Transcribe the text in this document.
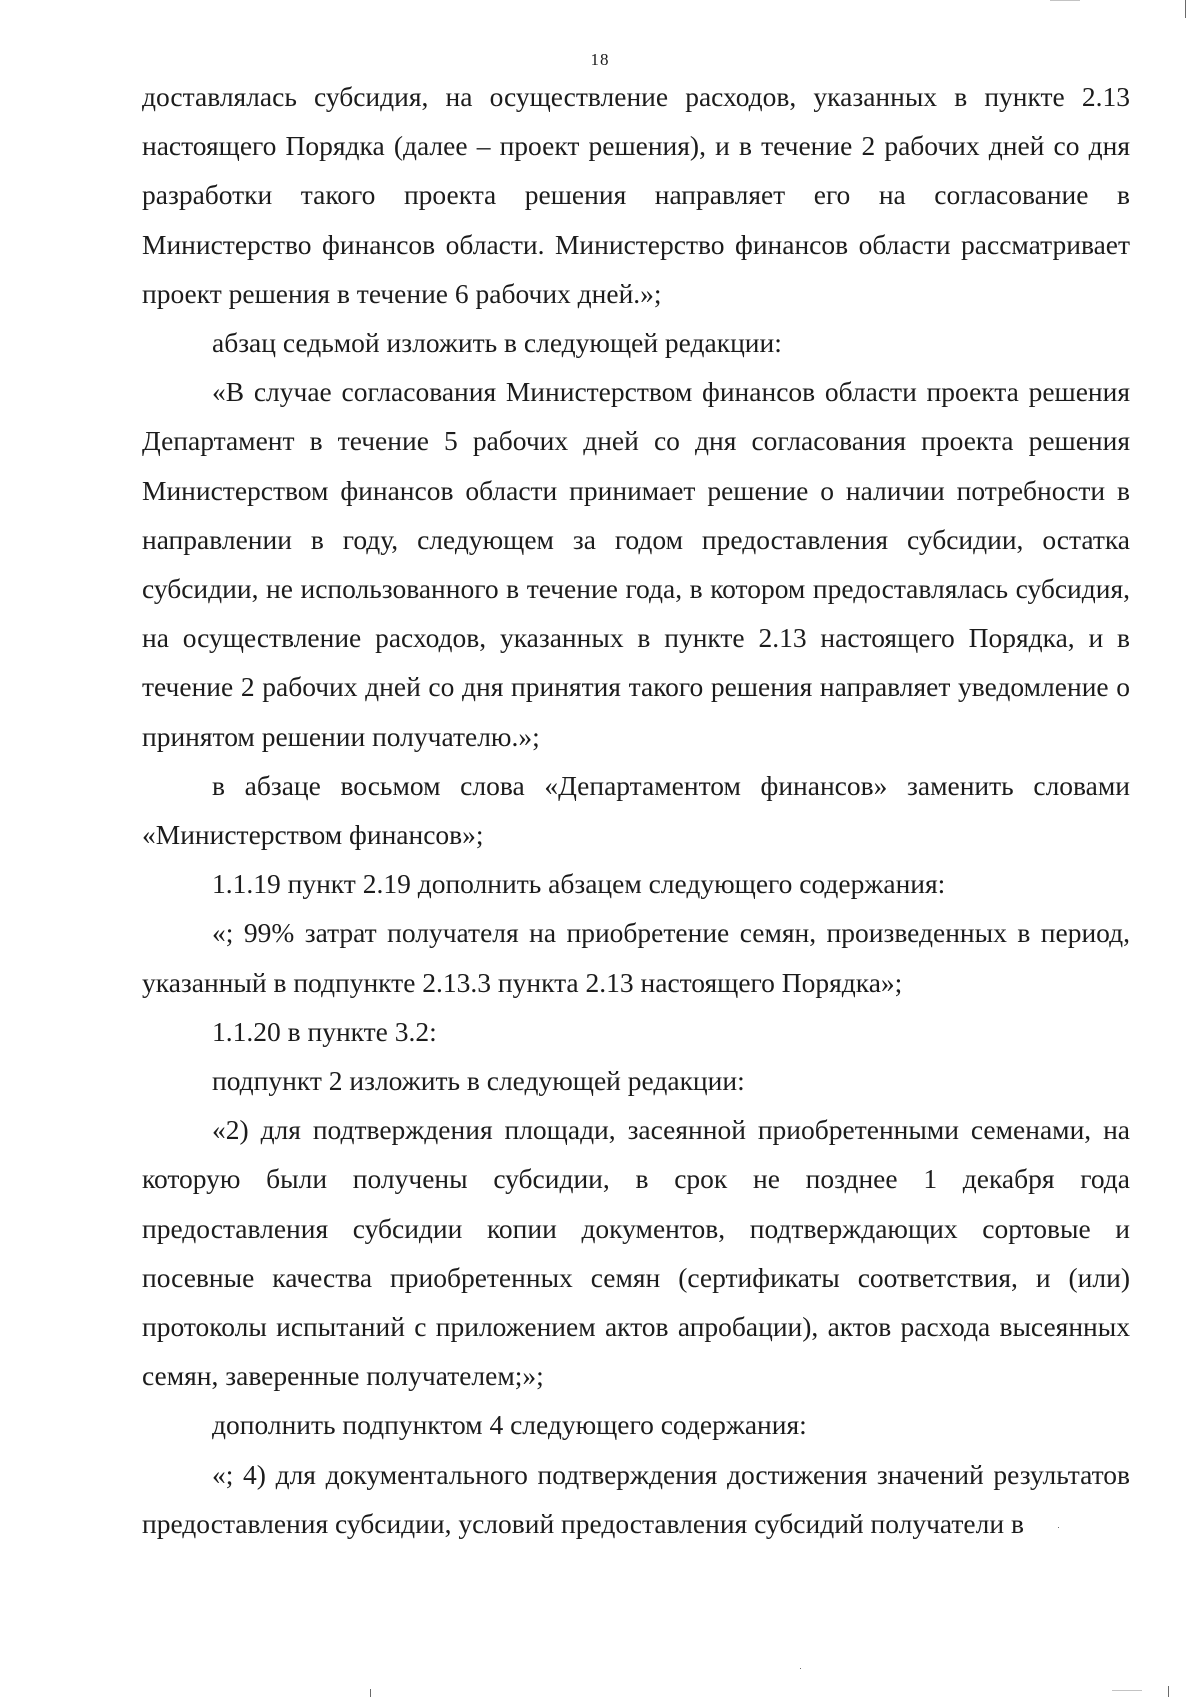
18

доставлялась субсидия, на осуществление расходов, указанных в пункте 2.13 настоящего Порядка (далее – проект решения), и в течение 2 рабочих дней со дня разработки такого проекта решения направляет его на согласование в Министерство финансов области. Министерство финансов области рассматривает проект решения в течение 6 рабочих дней.»;

абзац седьмой изложить в следующей редакции:

«В случае согласования Министерством финансов области проекта решения Департамент в течение 5 рабочих дней со дня согласования проекта решения Министерством финансов области принимает решение о наличии потребности в направлении в году, следующем за годом предоставления субсидии, остатка субсидии, не использованного в течение года, в котором предоставлялась субсидия, на осуществление расходов, указанных в пункте 2.13 настоящего Порядка, и в течение 2 рабочих дней со дня принятия такого решения направляет уведомление о принятом решении получателю.»;

в абзаце восьмом слова «Департаментом финансов» заменить словами «Министерством финансов»;

1.1.19 пункт 2.19 дополнить абзацем следующего содержания:

«; 99% затрат получателя на приобретение семян, произведенных в период, указанный в подпункте 2.13.3 пункта 2.13 настоящего Порядка»;

1.1.20 в пункте 3.2:

подпункт 2 изложить в следующей редакции:

«2) для подтверждения площади, засеянной приобретенными семенами, на которую были получены субсидии, в срок не позднее 1 декабря года предоставления субсидии копии документов, подтверждающих сортовые и посевные качества приобретенных семян (сертификаты соответствия, и (или) протоколы испытаний с приложением актов апробации), актов расхода высеянных семян, заверенные получателем;»;

дополнить подпунктом 4 следующего содержания:

«; 4) для документального подтверждения достижения значений результатов предоставления субсидии, условий предоставления субсидий получатели в
